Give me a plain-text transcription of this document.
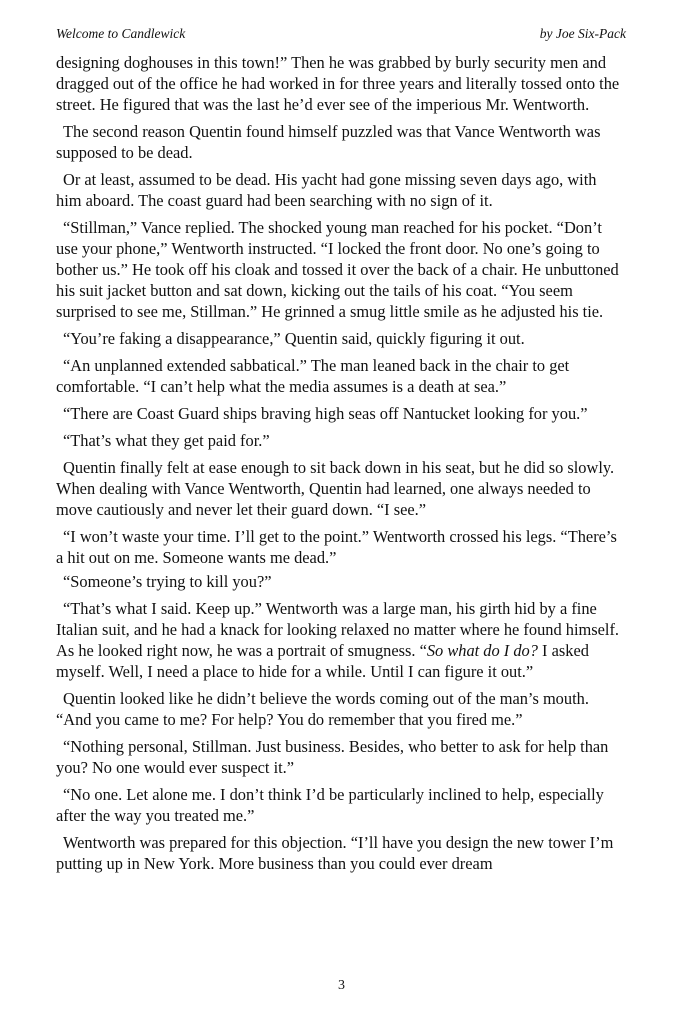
Welcome to Candlewick	by Joe Six-Pack

designing doghouses in this town!” Then he was grabbed by burly security men and dragged out of the office he had worked in for three years and literally tossed onto the street. He figured that was the last he’d ever see of the imperious Mr. Wentworth.

The second reason Quentin found himself puzzled was that Vance Wentworth was supposed to be dead.

Or at least, assumed to be dead. His yacht had gone missing seven days ago, with him aboard. The coast guard had been searching with no sign of it.

“Stillman,” Vance replied. The shocked young man reached for his pocket. “Don’t use your phone,” Wentworth instructed. “I locked the front door. No one’s going to bother us.” He took off his cloak and tossed it over the back of a chair. He unbuttoned his suit jacket button and sat down, kicking out the tails of his coat. “You seem surprised to see me, Stillman.” He grinned a smug little smile as he adjusted his tie.

“You’re faking a disappearance,” Quentin said, quickly figuring it out.

“An unplanned extended sabbatical.” The man leaned back in the chair to get comfortable. “I can’t help what the media assumes is a death at sea.”

“There are Coast Guard ships braving high seas off Nantucket looking for you.”

“That’s what they get paid for.”

Quentin finally felt at ease enough to sit back down in his seat, but he did so slowly. When dealing with Vance Wentworth, Quentin had learned, one always needed to move cautiously and never let their guard down. “I see.”

“I won’t waste your time. I’ll get to the point.” Wentworth crossed his legs. “There’s a hit out on me. Someone wants me dead.”

“Someone’s trying to kill you?”

“That’s what I said. Keep up.” Wentworth was a large man, his girth hid by a fine Italian suit, and he had a knack for looking relaxed no matter where he found himself. As he looked right now, he was a portrait of smugness. “So what do I do? I asked myself. Well, I need a place to hide for a while. Until I can figure it out.”

Quentin looked like he didn’t believe the words coming out of the man’s mouth. “And you came to me? For help? You do remember that you fired me.”

“Nothing personal, Stillman. Just business. Besides, who better to ask for help than you? No one would ever suspect it.”

“No one. Let alone me. I don’t think I’d be particularly inclined to help, especially after the way you treated me.”

Wentworth was prepared for this objection. “I’ll have you design the new tower I’m putting up in New York. More business than you could ever dream

3
